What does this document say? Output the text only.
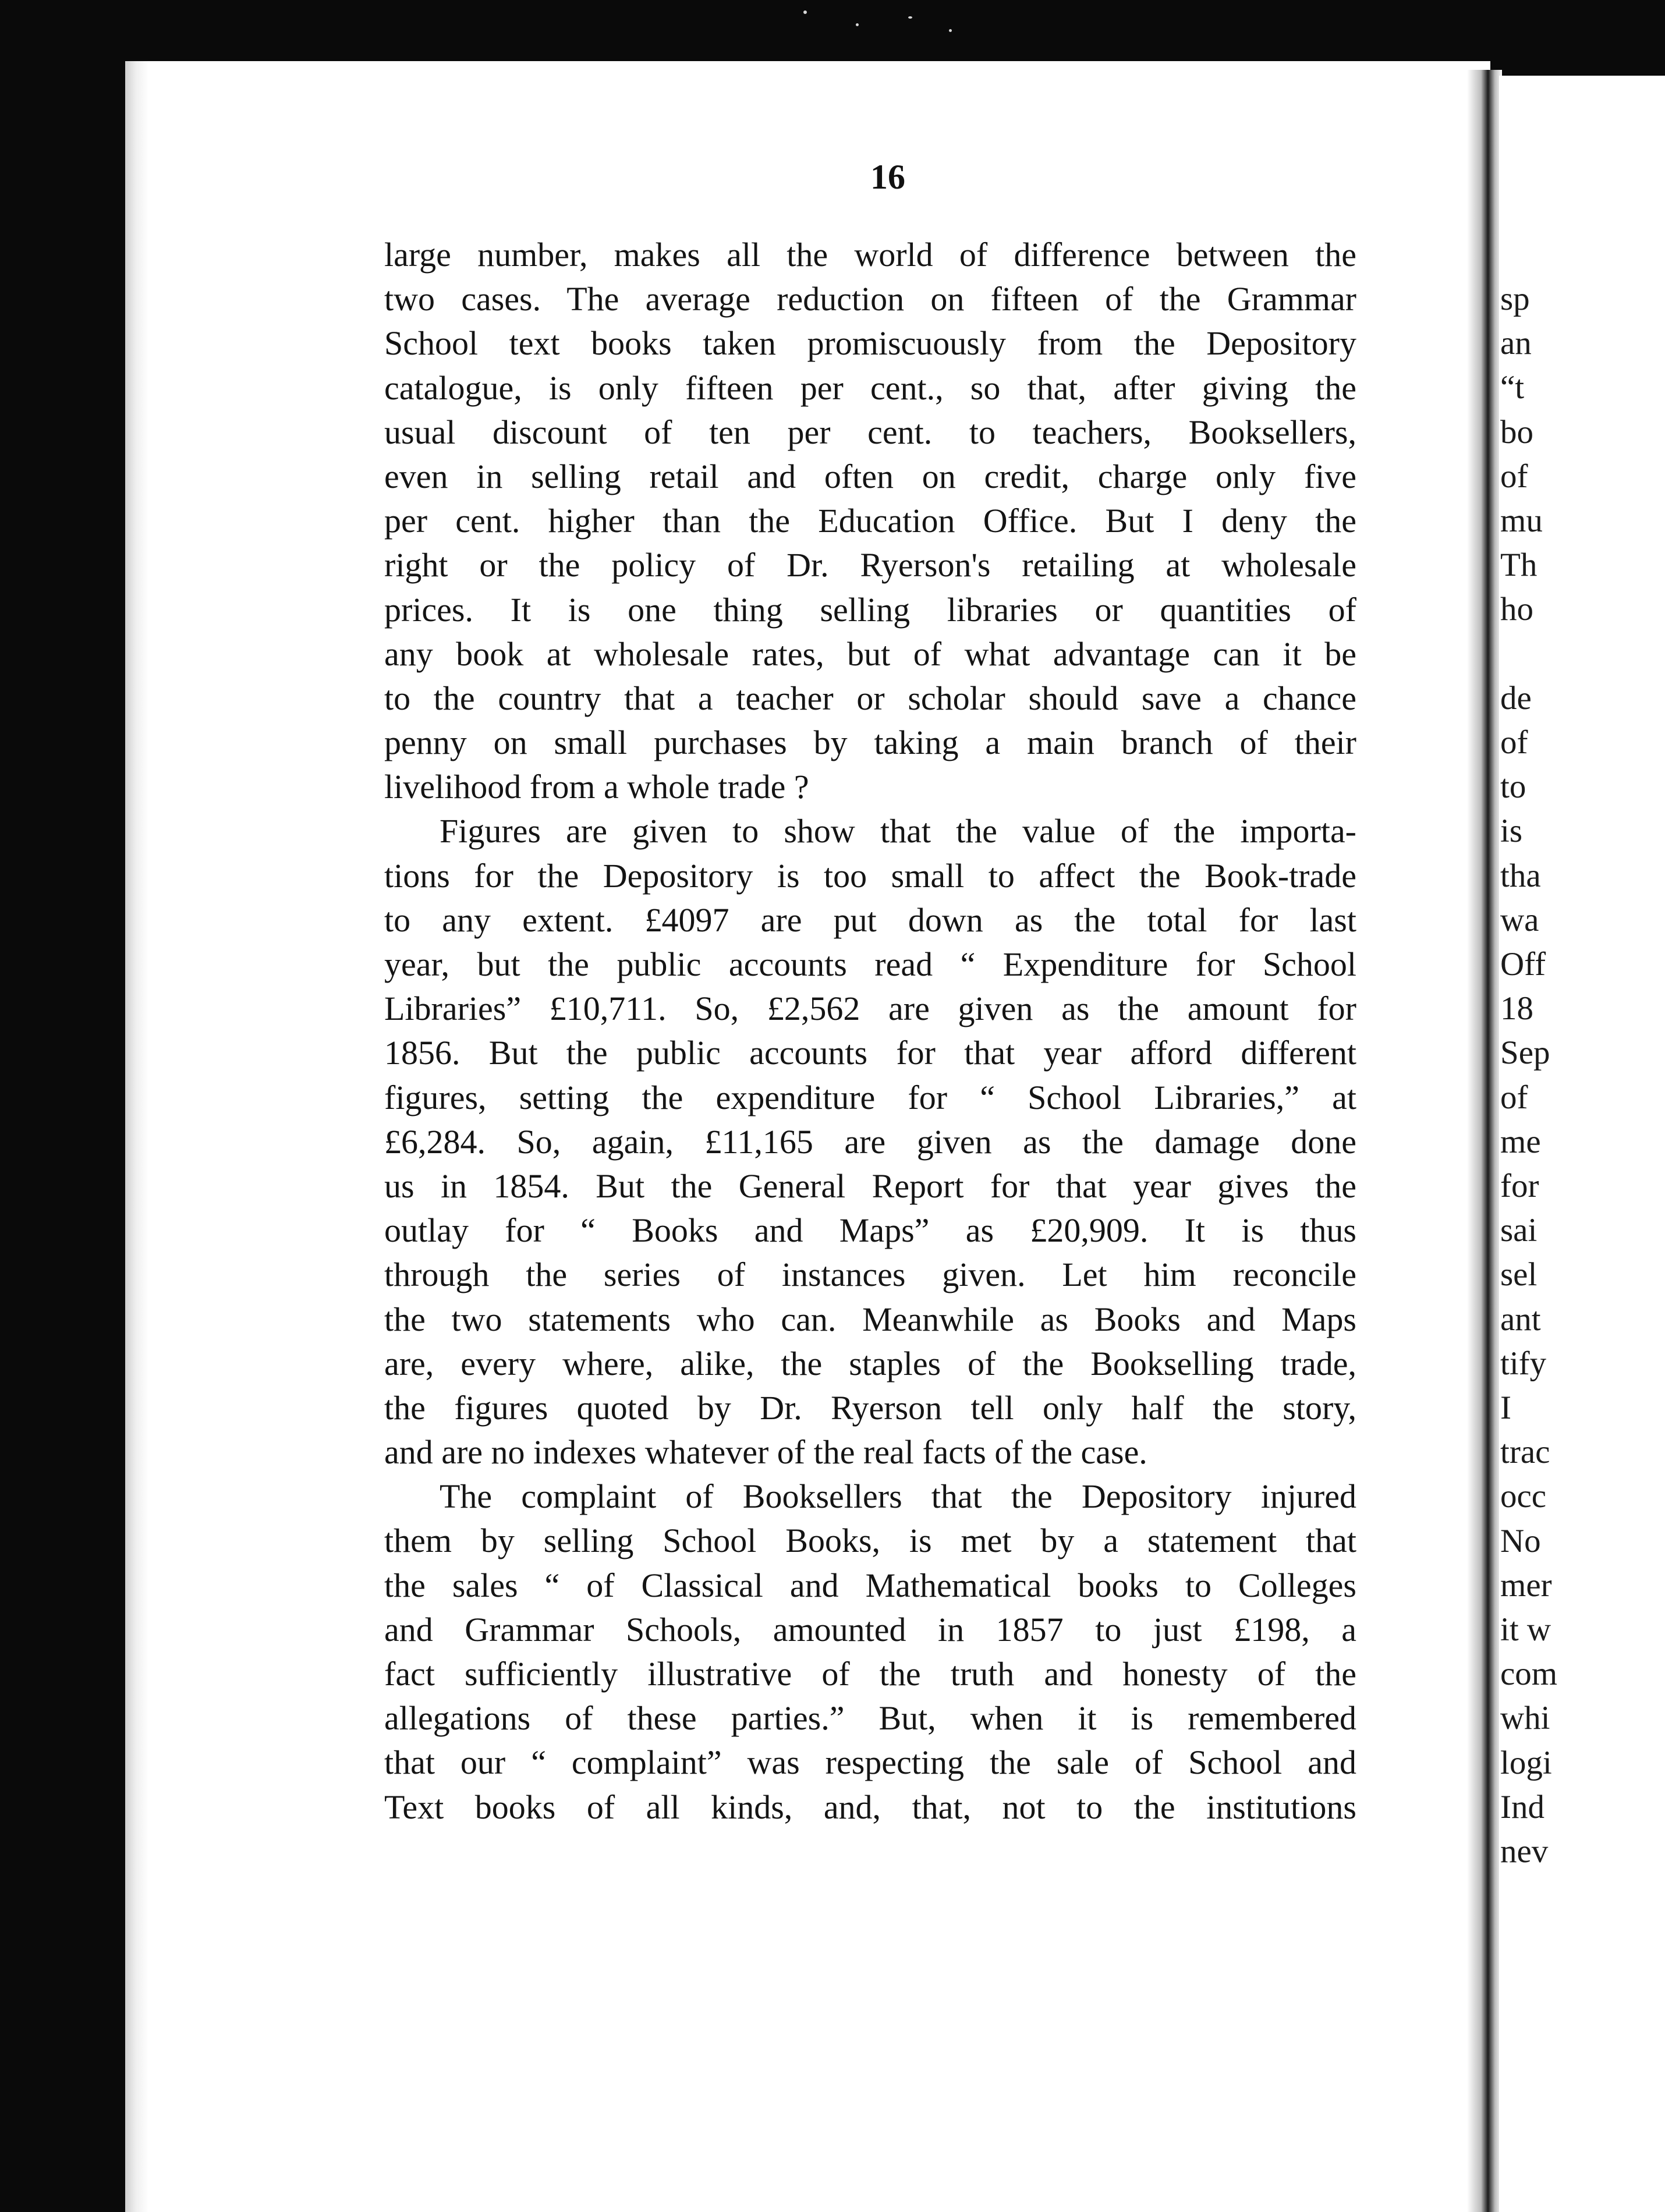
sp
an
“t
bo
of
mu
Th
ho
de
of
to
is
tha
wa
Off
18
Sep
of
me
for
sai
sel
ant
tify
I
trac
occ
No
mer
it w
com
whi
logi
Ind
nev
16
large number, makes all the world of difference between the
two cases. The average reduction on fifteen of the Grammar
School text books taken promiscuously from the Depository
catalogue, is only fifteen per cent., so that, after giving the
usual discount of ten per cent. to teachers, Booksellers,
even in selling retail and often on credit, charge only five
per cent. higher than the Education Office. But I deny the
right or the policy of Dr. Ryerson's retailing at wholesale
prices. It is one thing selling libraries or quantities of
any book at wholesale rates, but of what advantage can it be
to the country that a teacher or scholar should save a chance
penny on small purchases by taking a main branch of their
livelihood from a whole trade ?
Figures are given to show that the value of the importa-
tions for the Depository is too small to affect the Book-trade
to any extent. £4097 are put down as the total for last
year, but the public accounts read “ Expenditure for School
Libraries” £10,711. So, £2,562 are given as the amount for
1856. But the public accounts for that year afford different
figures, setting the expenditure for “ School Libraries,” at
£6,284. So, again, £11,165 are given as the damage done
us in 1854. But the General Report for that year gives the
outlay for “ Books and Maps” as £20,909. It is thus
through the series of instances given. Let him reconcile
the two statements who can. Meanwhile as Books and Maps
are, every where, alike, the staples of the Bookselling trade,
the figures quoted by Dr. Ryerson tell only half the story,
and are no indexes whatever of the real facts of the case.
The complaint of Booksellers that the Depository injured
them by selling School Books, is met by a statement that
the sales “ of Classical and Mathematical books to Colleges
and Grammar Schools, amounted in 1857 to just £198, a
fact sufficiently illustrative of the truth and honesty of the
allegations of these parties.” But, when it is remembered
that our “ complaint” was respecting the sale of School and
Text books of all kinds, and, that, not to the institutions
